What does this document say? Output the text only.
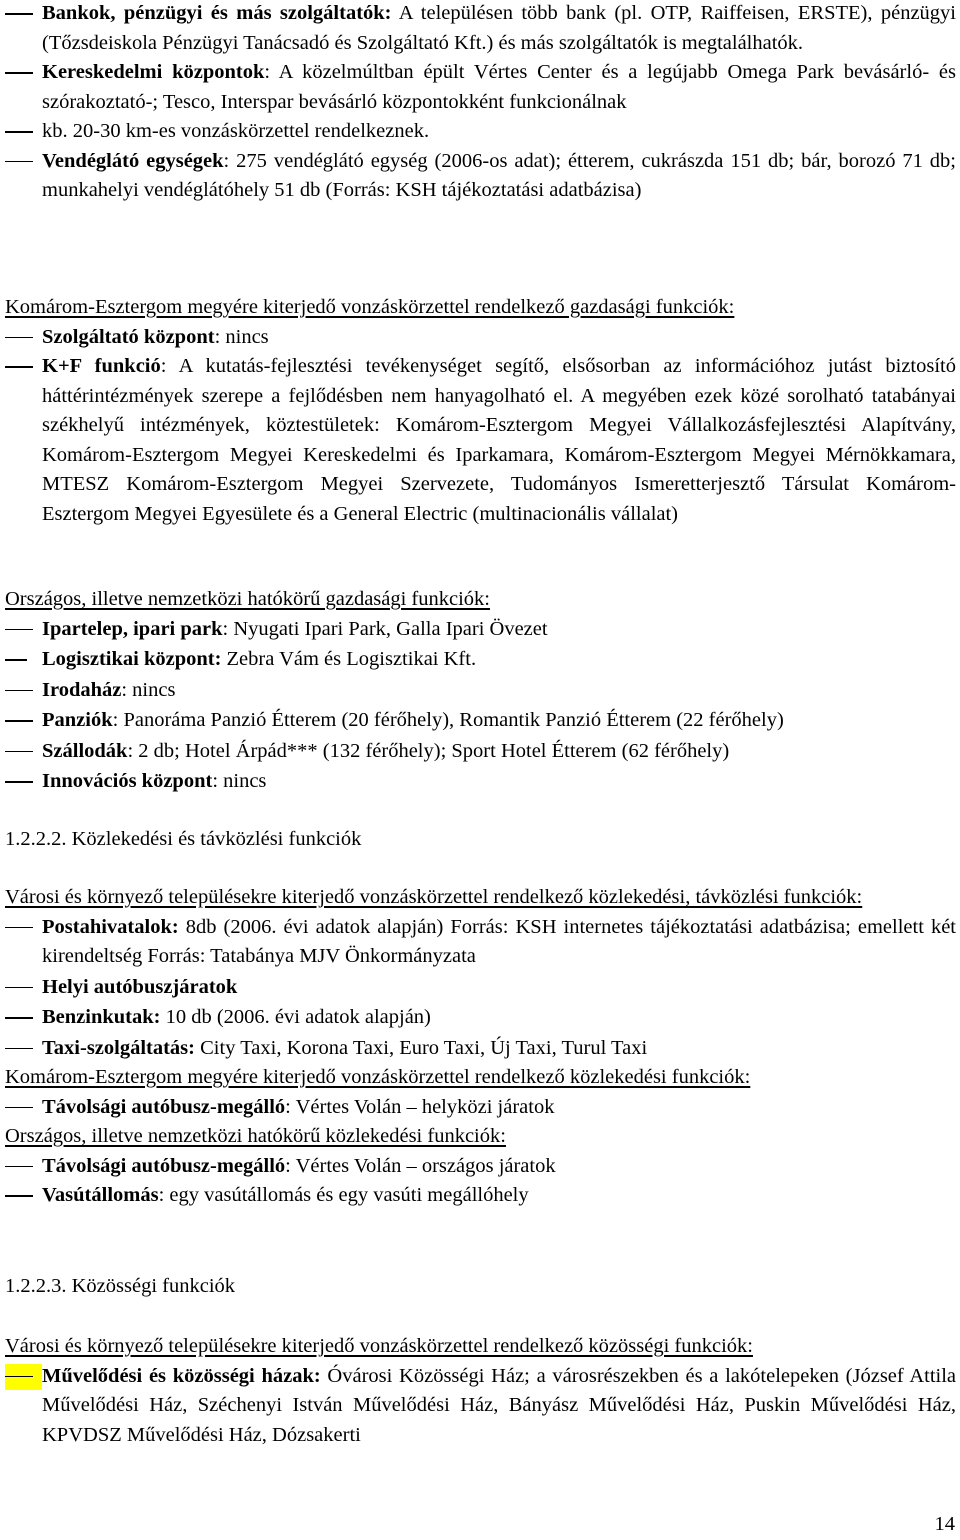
Bankok, pénzügyi és más szolgáltatók: A településen több bank (pl. OTP, Raiffeisen, ERSTE), pénzügyi (Tőzsdeiskola Pénzügyi Tanácsadó és Szolgáltató Kft.) és más szolgáltatók is megtalálhatók.
Kereskedelmi központok: A közelmúltban épült Vértes Center és a legújabb Omega Park bevásárló- és szórakoztató-; Tesco, Interspar bevásárló központokként funkcionálnak
kb. 20-30 km-es vonzáskörzettel rendelkeznek.
Vendéglátó egységek: 275 vendéglátó egység (2006-os adat); étterem, cukrászda 151 db; bár, borozó 71 db; munkahelyi vendéglátóhely 51 db (Forrás: KSH tájékoztatási adatbázisa)

Komárom-Esztergom megyére kiterjedő vonzáskörzettel rendelkező gazdasági funkciók:

Szolgáltató központ: nincs
K+F funkció: A kutatás-fejlesztési tevékenységet segítő, elsősorban az információhoz jutást biztosító háttérintézmények szerepe a fejlődésben nem hanyagolható el. A megyében ezek közé sorolható tatabányai székhelyű intézmények, köztestületek: Komárom-Esztergom Megyei Vállalkozásfejlesztési Alapítvány, Komárom-Esztergom Megyei Kereskedelmi és Iparkamara, Komárom-Esztergom Megyei Mérnökkamara, MTESZ Komárom-Esztergom Megyei Szervezete, Tudományos Ismeretterjesztő Társulat Komárom-Esztergom Megyei Egyesülete és a General Electric (multinacionális vállalat)

Országos, illetve nemzetközi hatókörű gazdasági funkciók:

Ipartelep, ipari park: Nyugati Ipari Park, Galla Ipari Övezet
Logisztikai központ: Zebra Vám és Logisztikai Kft.
Irodaház: nincs
Panziók: Panoráma Panzió Étterem (20 férőhely), Romantik Panzió Étterem (22 férőhely)
Szállodák: 2 db; Hotel Árpád*** (132 férőhely); Sport Hotel Étterem (62 férőhely)
Innovációs központ: nincs

1.2.2.2. Közlekedési és távközlési funkciók

Városi és környező településekre kiterjedő vonzáskörzettel rendelkező közlekedési, távközlési funkciók:

Postahivatalok: 8db (2006. évi adatok alapján) Forrás: KSH internetes tájékoztatási adatbázisa; emellett két kirendeltség Forrás: Tatabánya MJV Önkormányzata
Helyi autóbuszjáratok
Benzinkutak: 10 db (2006. évi adatok alapján)
Taxi-szolgáltatás: City Taxi, Korona Taxi, Euro Taxi, Új Taxi, Turul Taxi

Komárom-Esztergom megyére kiterjedő vonzáskörzettel rendelkező közlekedési funkciók:

Távolsági autóbusz-megálló: Vértes Volán – helyközi járatok

Országos, illetve nemzetközi hatókörű közlekedési funkciók:

Távolsági autóbusz-megálló: Vértes Volán – országos járatok
Vasútállomás: egy vasútállomás és egy vasúti megállóhely

1.2.2.3. Közösségi funkciók

Városi és környező településekre kiterjedő vonzáskörzettel rendelkező közösségi funkciók:

Művelődési és közösségi házak: Óvárosi Közösségi Ház; a városrészekben és a lakótelepeken (József Attila Művelődési Ház, Széchenyi István Művelődési Ház, Bányász Művelődési Ház, Puskin Művelődési Ház, KPVDSZ Művelődési Ház, Dózsakerti
14
